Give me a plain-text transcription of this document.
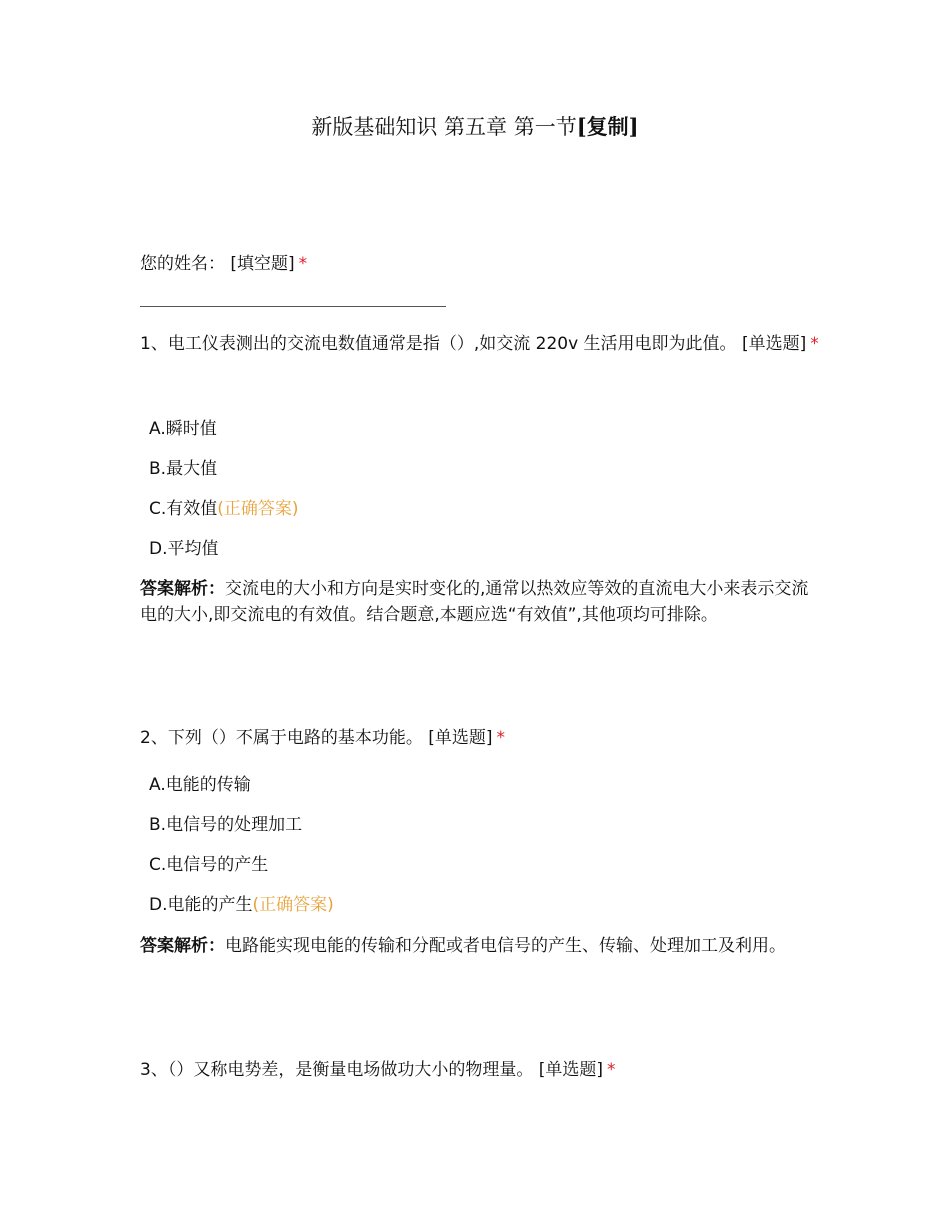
新版基础知识 第五章 第一节[复制]
您的姓名： [填空题] *
1、电工仪表测出的交流电数值通常是指（）,如交流 220v 生活用电即为此值。 [单选题] *
A.瞬时值
B.最大值
C.有效值(正确答案)
D.平均值
答案解析：交流电的大小和方向是实时变化的,通常以热效应等效的直流电大小来表示交流电的大小,即交流电的有效值。结合题意,本题应选“有效值”,其他项均可排除。
2、下列（）不属于电路的基本功能。 [单选题] *
A.电能的传输
B.电信号的处理加工
C.电信号的产生
D.电能的产生(正确答案)
答案解析：电路能实现电能的传输和分配或者电信号的产生、传输、处理加工及利用。
3、（）又称电势差，是衡量电场做功大小的物理量。 [单选题] *
